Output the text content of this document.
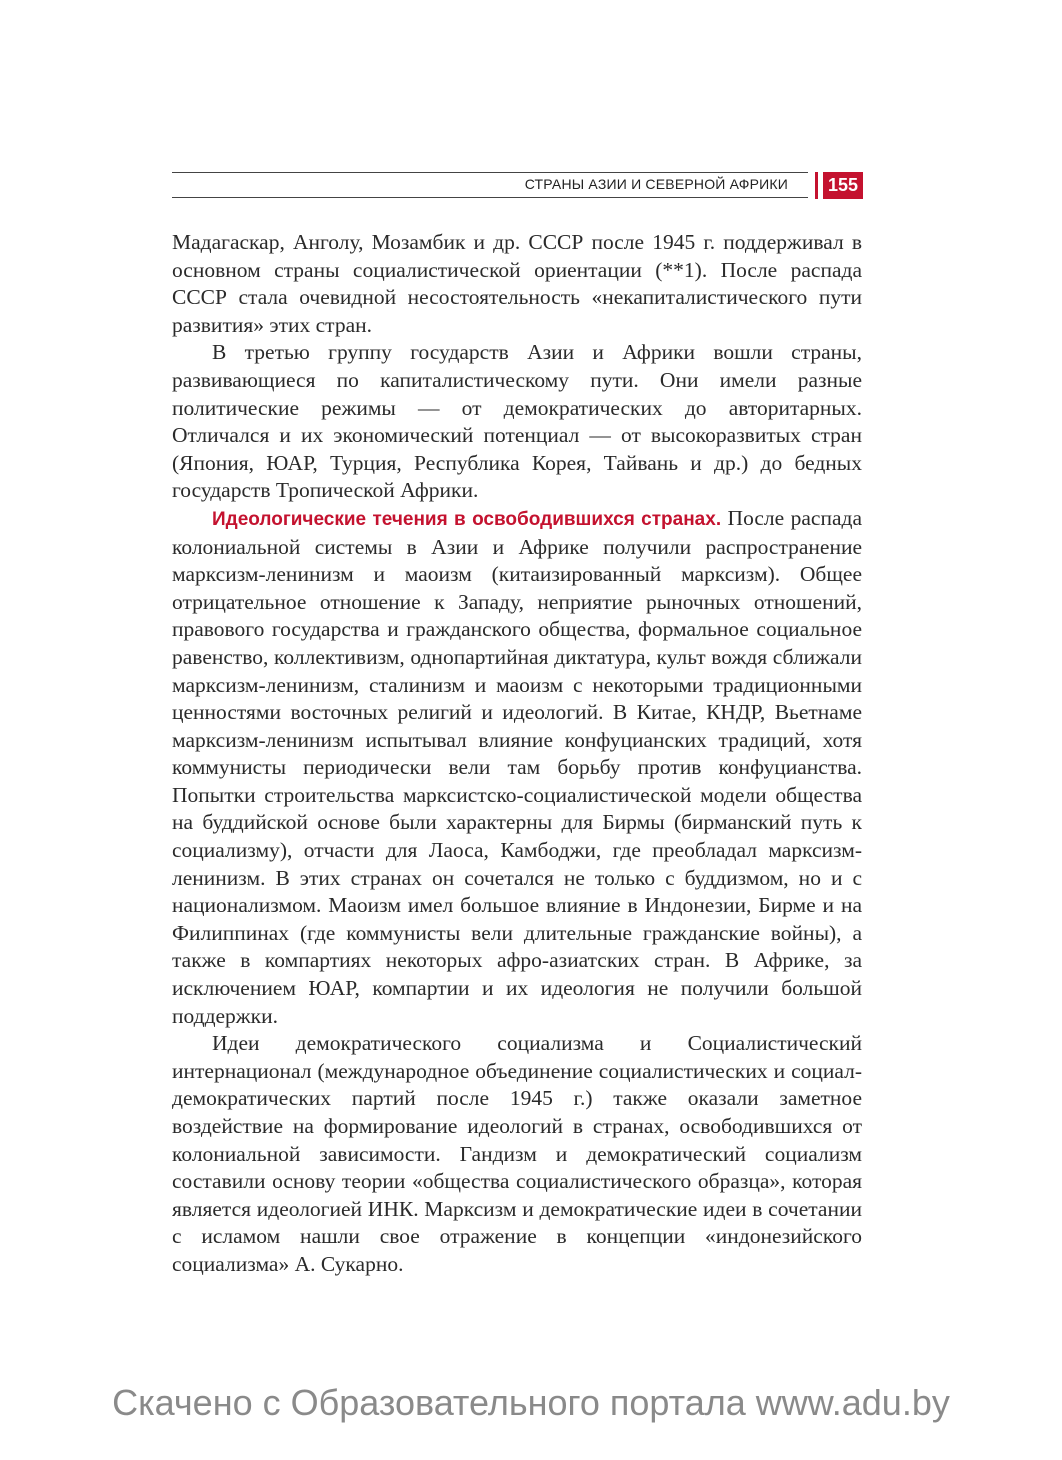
СТРАНЫ АЗИИ И СЕВЕРНОЙ АФРИКИ 155

Мадагаскар, Анголу, Мозамбик и др. СССР после 1945 г. поддерживал в основном страны социалистической ориентации (**1). После распада СССР стала очевидной несостоятельность «некапиталистического пути развития» этих стран.

В третью группу государств Азии и Африки вошли страны, развивающиеся по капиталистическому пути. Они имели разные политические режимы — от демократических до авторитарных. Отличался и их экономический потенциал — от высокоразвитых стран (Япония, ЮАР, Турция, Республика Корея, Тайвань и др.) до бедных государств Тропической Африки.

Идеологические течения в освободившихся странах. После распада колониальной системы в Азии и Африке получили распространение марксизм-ленинизм и маоизм (китаизированный марксизм). Общее отрицательное отношение к Западу, неприятие рыночных отношений, правового государства и гражданского общества, формальное социальное равенство, коллективизм, однопартийная диктатура, культ вождя сближали марксизм-ленинизм, сталинизм и маоизм с некоторыми традиционными ценностями восточных религий и идеологий. В Китае, КНДР, Вьетнаме марксизм-ленинизм испытывал влияние конфуцианских традиций, хотя коммунисты периодически вели там борьбу против конфуцианства. Попытки строительства марксистско-социалистической модели общества на буддийской основе были характерны для Бирмы (бирманский путь к социализму), отчасти для Лаоса, Камбоджи, где преобладал марксизм-ленинизм. В этих странах он сочетался не только с буддизмом, но и с национализмом. Маоизм имел большое влияние в Индонезии, Бирме и на Филиппинах (где коммунисты вели длительные гражданские войны), а также в компартиях некоторых афро-азиатских стран. В Африке, за исключением ЮАР, компартии и их идеология не получили большой поддержки.

Идеи демократического социализма и Социалистический интернационал (международное объединение социалистических и социал-демократических партий после 1945 г.) также оказали заметное воздействие на формирование идеологий в странах, освободившихся от колониальной зависимости. Гандизм и демократический социализм составили основу теории «общества социалистического образца», которая является идеологией ИНК. Марксизм и демократические идеи в сочетании с исламом нашли свое отражение в концепции «индонезийского социализма» А. Сукарно.

Скачено с Образовательного портала www.adu.by
